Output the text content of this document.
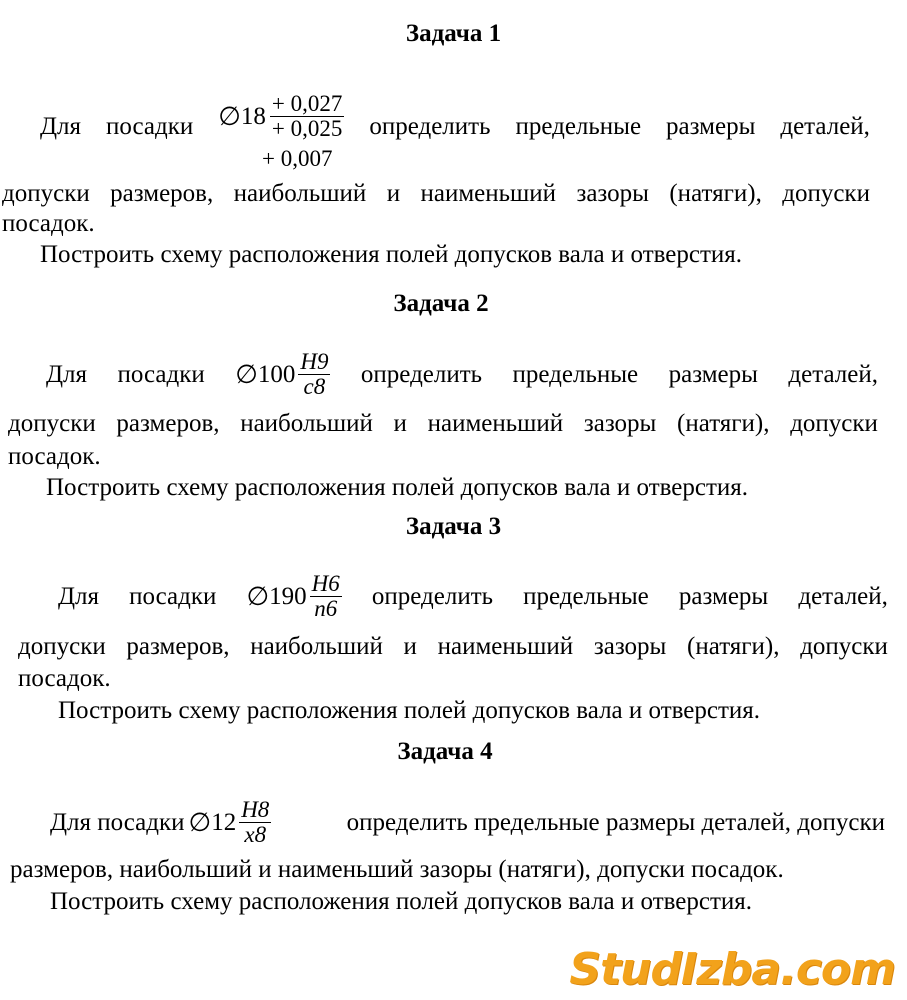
Задача 1
Для посадки ∅ $18 \frac{+ 0,027}{+ 0,025}$ определить предельные размеры деталей,
+ 0,007
допуски размеров, наибольший и наименьший зазоры (натяги), допуски
посадок.
Построить схему расположения полей допусков вала и отверстия.
Задача 2
Для посадки ∅ $100 \frac{H9}{c8}$ определить предельные размеры деталей,
допуски размеров, наибольший и наименьший зазоры (натяги), допуски
посадок.
Построить схему расположения полей допусков вала и отверстия.
Задача 3
Для посадки ∅ $190 \frac{H6}{n6}$ определить предельные размеры деталей,
допуски размеров, наибольший и наименьший зазоры (натяги), допуски
посадок.
Построить схему расположения полей допусков вала и отверстия.
Задача 4
Для посадки ∅ $12 \frac{H8}{x8}$	определить предельные размеры деталей, допуски
размеров, наибольший и наименьший зазоры (натяги), допуски посадок.
Построить схему расположения полей допусков вала и отверстия.
StudIzba.com
